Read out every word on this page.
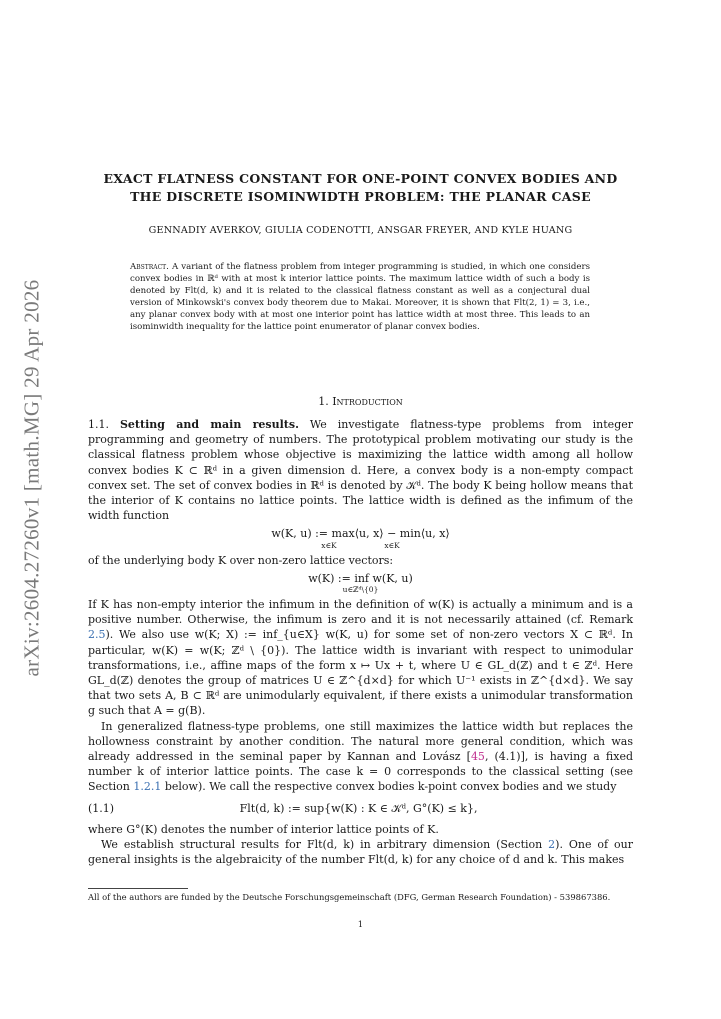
arXiv:2604.27260v1 [math.MG] 29 Apr 2026
EXACT FLATNESS CONSTANT FOR ONE-POINT CONVEX BODIES AND
THE DISCRETE ISOMINWIDTH PROBLEM: THE PLANAR CASE
GENNADIY AVERKOV, GIULIA CODENOTTI, ANSGAR FREYER, AND KYLE HUANG
Abstract. A variant of the flatness problem from integer programming is studied, in which one considers convex bodies in ℝᵈ with at most k interior lattice points. The maximum lattice width of such a body is denoted by Flt(d, k) and it is related to the classical flatness constant as well as a conjectural dual version of Minkowski's convex body theorem due to Makai. Moreover, it is shown that Flt(2, 1) = 3, i.e., any planar convex body with at most one interior point has lattice width at most three. This leads to an isominwidth inequality for the lattice point enumerator of planar convex bodies.
1. Introduction

1.1. Setting and main results. We investigate flatness-type problems from integer programming and geometry of numbers. The prototypical problem motivating our study is the classical flatness problem whose objective is maximizing the lattice width among all hollow convex bodies K ⊂ ℝᵈ in a given dimension d. Here, a convex body is a non-empty compact convex set. The set of convex bodies in ℝᵈ is denoted by 𝒦ᵈ. The body K being hollow means that the interior of K contains no lattice points. The lattice width is defined as the infimum of the width function

w(K, u) := max⟨u, x⟩ − min⟨u, x⟩
x∈K                    x∈K

of the underlying body K over non-zero lattice vectors:

w(K) := inf w(K, u)
u∈ℤᵈ\{0}

If K has non-empty interior the infimum in the definition of w(K) is actually a minimum and is a positive number. Otherwise, the infimum is zero and it is not necessarily attained (cf. Remark 2.5). We also use w(K; X) := inf_{u∈X} w(K, u) for some set of non-zero vectors X ⊂ ℝᵈ. In particular, w(K) = w(K; ℤᵈ \ {0}). The lattice width is invariant with respect to unimodular transformations, i.e., affine maps of the form x ↦ Ux + t, where U ∈ GL_d(ℤ) and t ∈ ℤᵈ. Here GL_d(ℤ) denotes the group of matrices U ∈ ℤ^{d×d} for which U⁻¹ exists in ℤ^{d×d}. We say that two sets A, B ⊂ ℝᵈ are unimodularly equivalent, if there exists a unimodular transformation g such that A = g(B).

In generalized flatness-type problems, one still maximizes the lattice width but replaces the hollowness constraint by another condition. The natural more general condition, which was already addressed in the seminal paper by Kannan and Lovász [45, (4.1)], is having a fixed number k of interior lattice points. The case k = 0 corresponds to the classical setting (see Section 1.2.1 below). We call the respective convex bodies k-point convex bodies and we study

(1.1)	Flt(d, k) := sup{w(K) : K ∈ 𝒦ᵈ, G°(K) ≤ k},

where G°(K) denotes the number of interior lattice points of K.

We establish structural results for Flt(d, k) in arbitrary dimension (Section 2). One of our general insights is the algebraicity of the number Flt(d, k) for any choice of d and k. This makes

All of the authors are funded by the Deutsche Forschungsgemeinschaft (DFG, German Research Foundation) - 539867386.
1
